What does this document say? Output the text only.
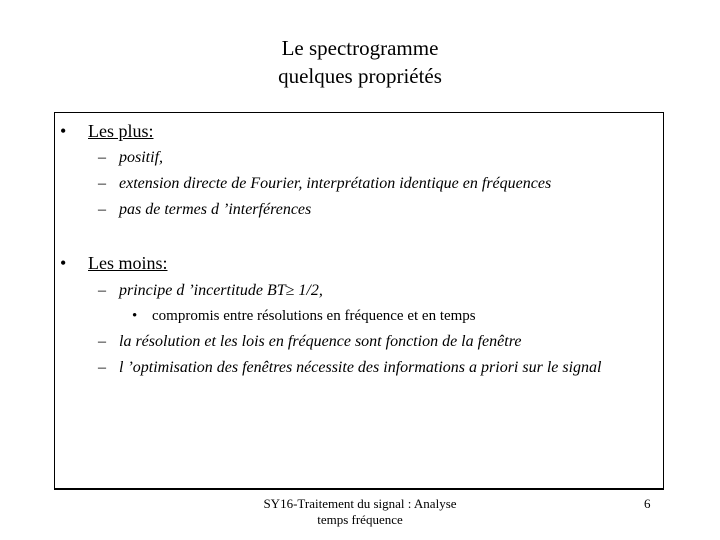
Le spectrogramme
quelques propriétés
• Les plus:
– positif,
– extension directe de Fourier, interprétation identique en fréquences
– pas de termes d ’interférences
• Les moins:
– principe d ’incertitude BT≥ 1/2,
• compromis entre résolutions en fréquence et en temps
– la résolution et les lois en fréquence sont fonction de la fenêtre
– l ’optimisation des fenêtres nécessite des informations a priori sur le signal
SY16-Traitement du signal : Analyse
temps fréquence
6
